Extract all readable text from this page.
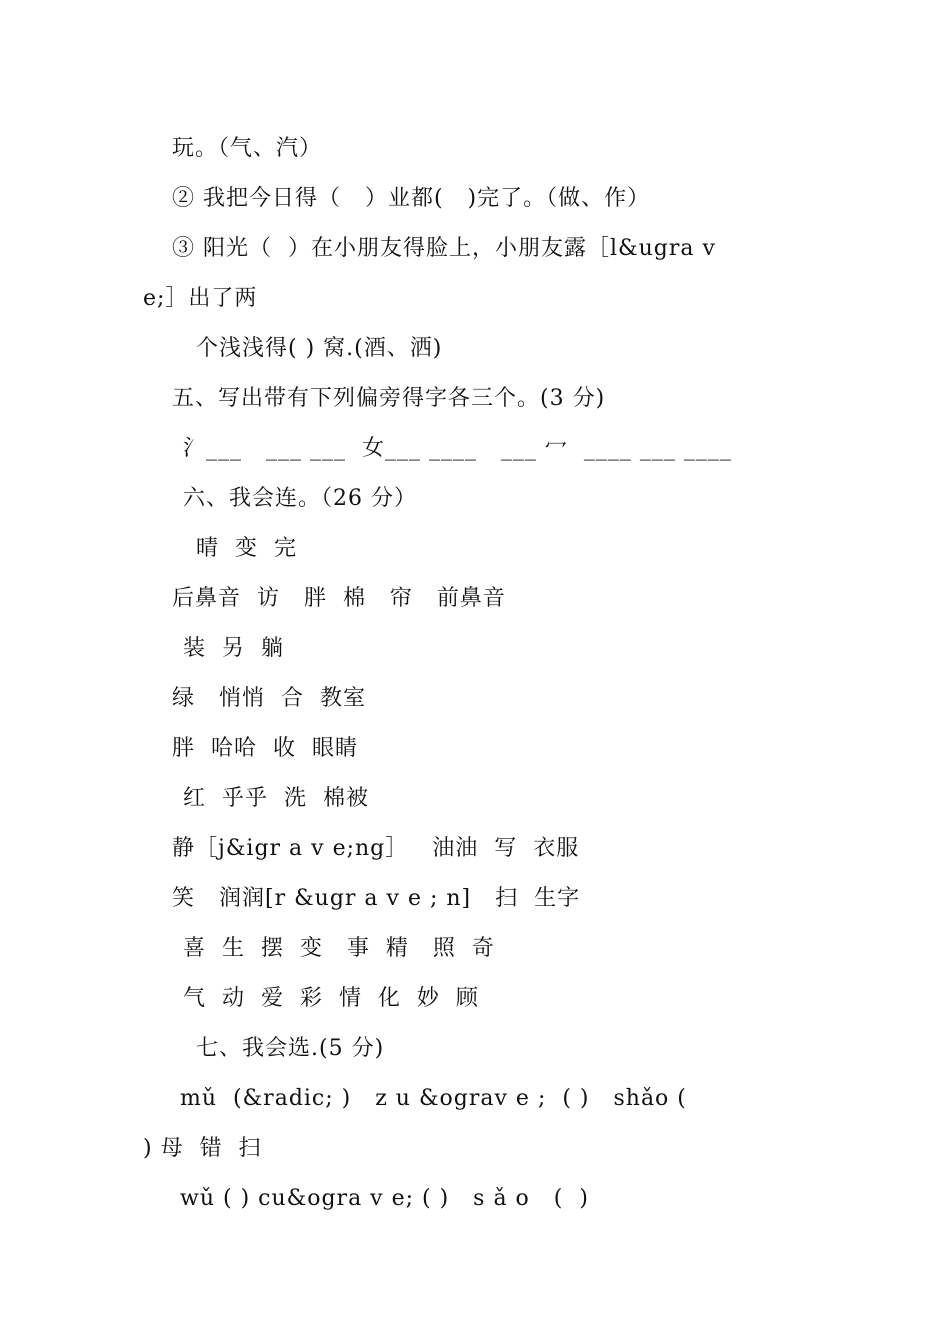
玩。（气、汽）
② 我把今日得（   ）业都(   )完了。（做、作）
③ 阳光（  ）在小朋友得脸上，小朋友露［l&ugra v
e;］出了两
个浅浅得( ) 窝.(酒、洒)
五、写出带有下列偏旁得字各三个。(3 分)
氵___   ___ ___  女___ ____   ___ 冖  ____ ___ ____
六、我会连。（26 分）
晴  变  完
后鼻音  访   胖  棉   帘   前鼻音
装  另  躺
绿   悄悄  合  教室
胖  哈哈  收  眼睛
红  乎乎  洗  棉被
静［j&igr a v e;ng］   油油  写  衣服
笑   润润[r &ugr a v e ; n]   扫  生字
喜  生  摆  变   事  精   照  奇
气  动  爱  彩  情  化  妙  顾
七、我会选.(5 分)
mǔ  (&radic; )   z u &ograv e ;  ( )   shǎo (
) 母  错  扫
wǔ ( ) cu&ogra v e; ( )   s ǎ o   (  )
